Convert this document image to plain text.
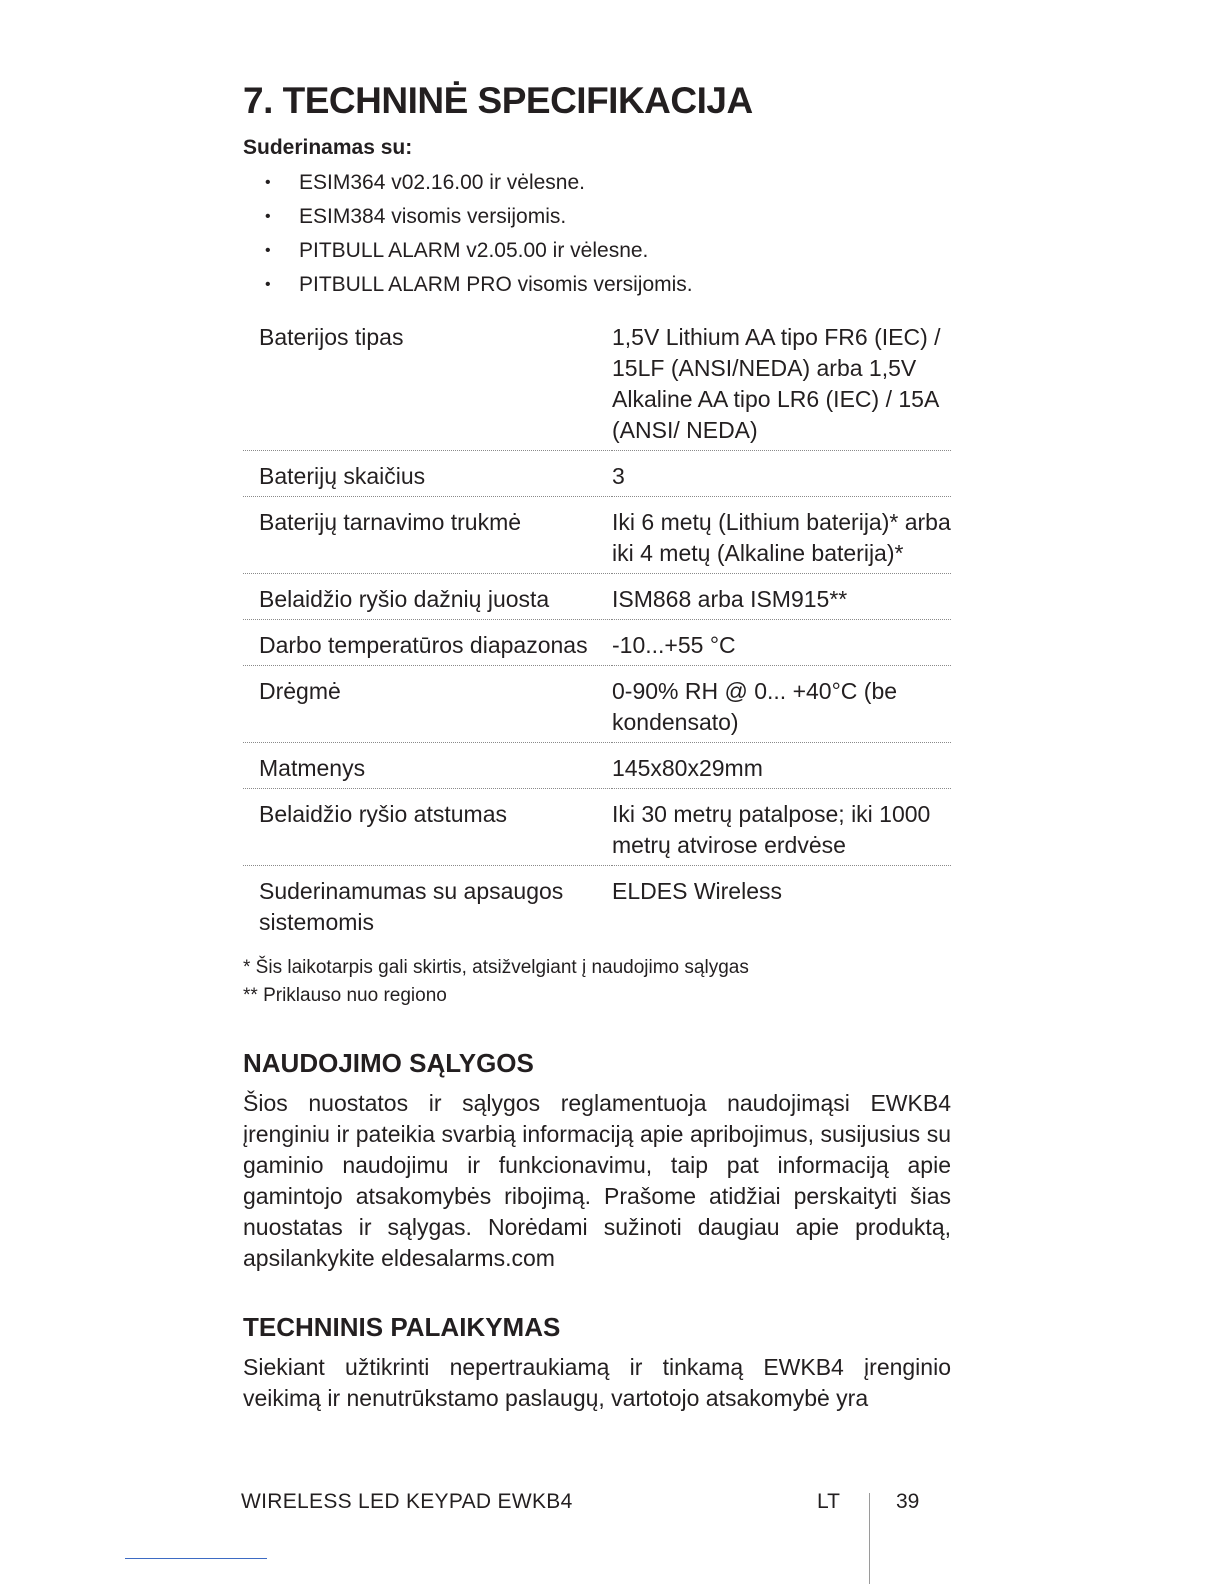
7. TECHNINĖ SPECIFIKACIJA
Suderinamas su:
• ESIM364 v02.16.00 ir vėlesne.
• ESIM384 visomis versijomis.
• PITBULL ALARM v2.05.00 ir vėlesne.
• PITBULL ALARM PRO visomis versijomis.
Baterijos tipas	1,5V Lithium AA tipo FR6 (IEC) / 15LF (ANSI/NEDA) arba 1,5V Alkaline AA tipo LR6 (IEC) / 15A (ANSI/ NEDA)
Baterijų skaičius	3
Baterijų tarnavimo trukmė	Iki 6 metų (Lithium baterija)* arba iki 4 metų (Alkaline baterija)*
Belaidžio ryšio dažnių juosta	ISM868 arba ISM915**
Darbo temperatūros diapazonas	-10...+55 °C
Drėgmė	0-90% RH @ 0... +40°C (be kondensato)
Matmenys	145x80x29mm
Belaidžio ryšio atstumas	Iki 30 metrų patalpose; iki 1000 metrų atvirose erdvėse
Suderinamumas su apsaugos sistemomis	ELDES Wireless
* Šis laikotarpis gali skirtis, atsižvelgiant į naudojimo sąlygas
** Priklauso nuo regiono
NAUDOJIMO SĄLYGOS

Šios nuostatos ir sąlygos reglamentuoja naudojimąsi EWKB4 įrenginiu ir pateikia svarbią informaciją apie apribojimus, susijusius su gaminio naudojimu ir funkcionavimu, taip pat informaciją apie gamintojo atsakomybės ribojimą. Prašome atidžiai perskaityti šias nuostatas ir sąlygas. Norėdami sužinoti daugiau apie produktą, apsilankykite eldesalarms.com

TECHNINIS PALAIKYMAS

Siekiant užtikrinti nepertraukiamą ir tinkamą EWKB4 įrenginio veikimą ir nenutrūkstamo paslaugų, vartotojo atsakomybė yra

WIRELESS LED KEYPAD EWKB4	LT	39
